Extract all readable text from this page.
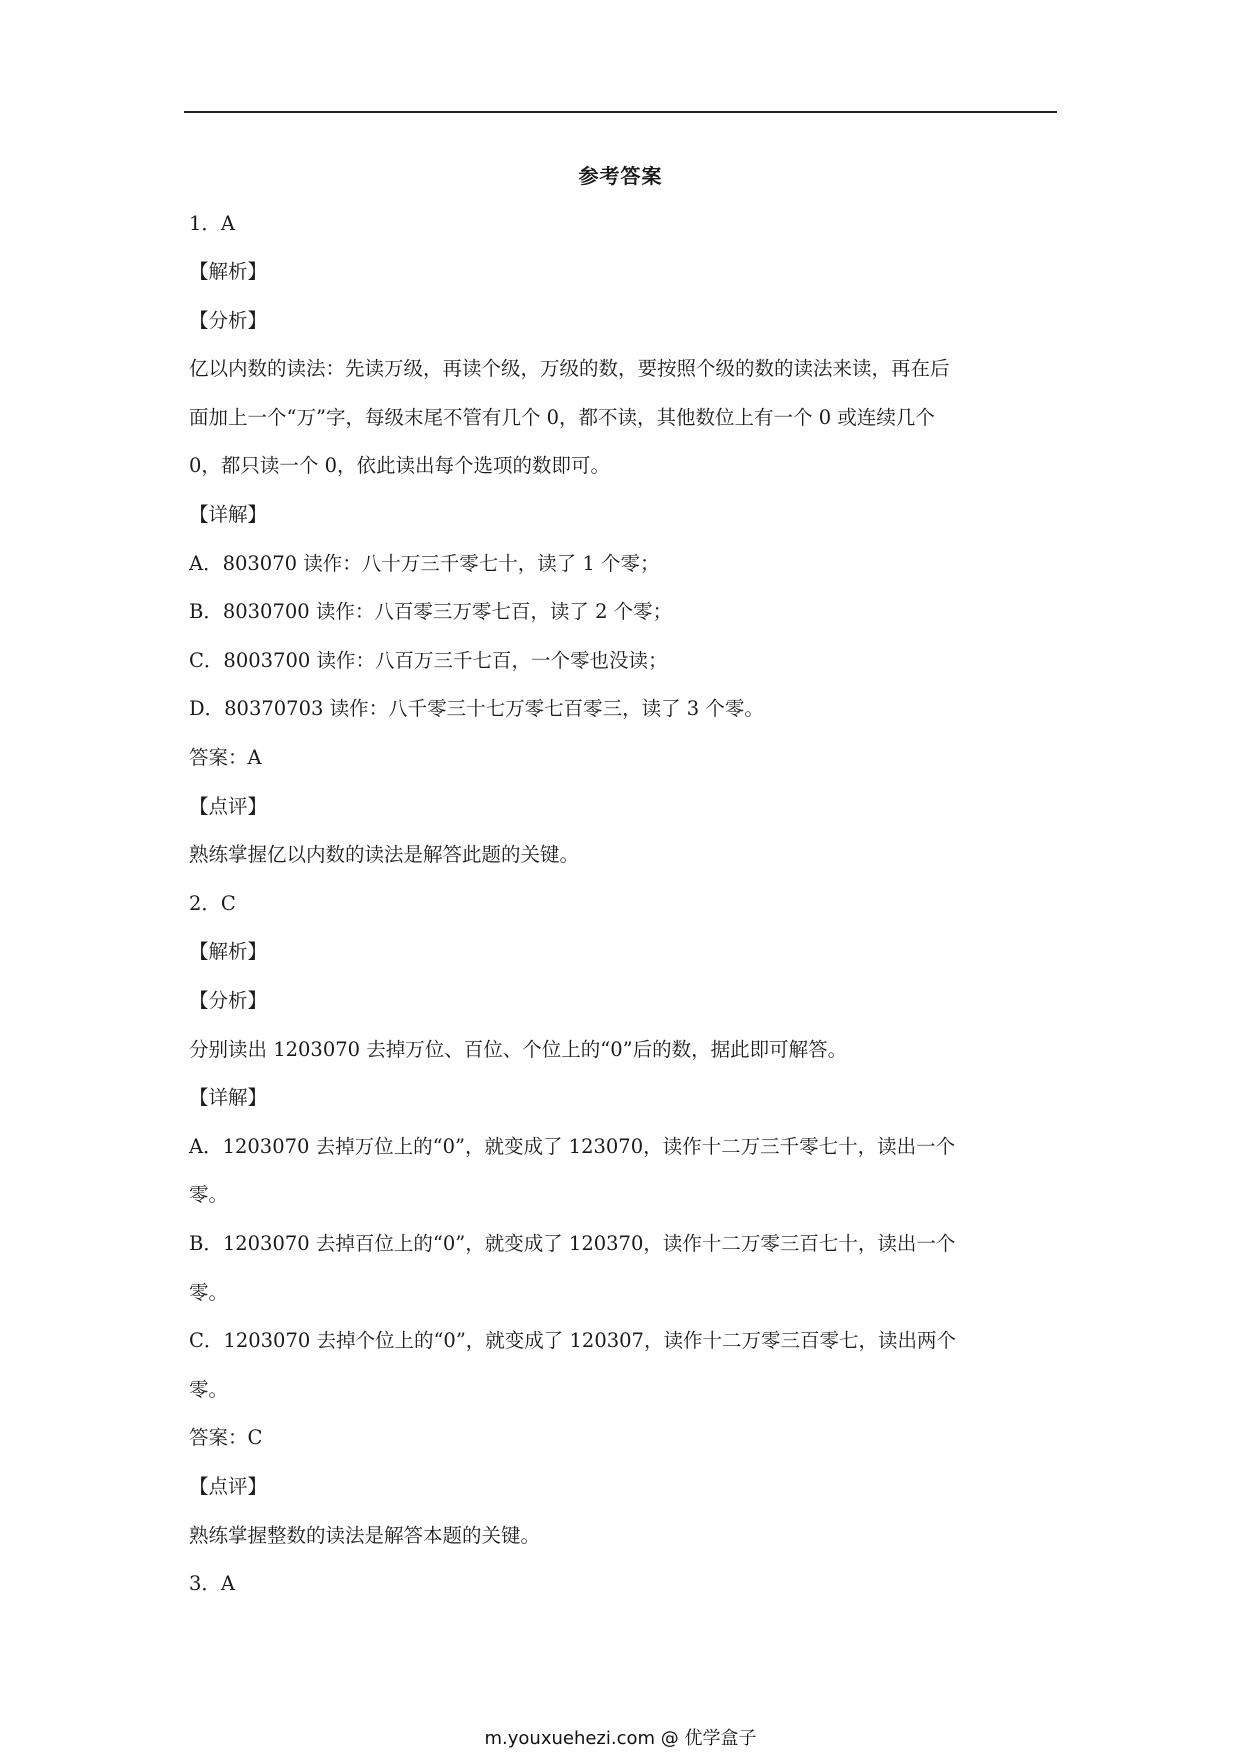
参考答案
1．A
【解析】
【分析】
亿以内数的读法：先读万级，再读个级，万级的数，要按照个级的数的读法来读，再在后
面加上一个“万”字，每级末尾不管有几个 0，都不读，其他数位上有一个 0 或连续几个
0，都只读一个 0，依此读出每个选项的数即可。
【详解】
A．803070 读作：八十万三千零七十，读了 1 个零；
B．8030700 读作：八百零三万零七百，读了 2 个零；
C．8003700 读作：八百万三千七百，一个零也没读；
D．80370703 读作：八千零三十七万零七百零三，读了 3 个零。
答案：A
【点评】
熟练掌握亿以内数的读法是解答此题的关键。
2．C
【解析】
【分析】
分别读出 1203070 去掉万位、百位、个位上的“0”后的数，据此即可解答。
【详解】
A．1203070 去掉万位上的“0”，就变成了 123070，读作十二万三千零七十，读出一个
零。
B．1203070 去掉百位上的“0”，就变成了 120370，读作十二万零三百七十，读出一个
零。
C．1203070 去掉个位上的“0”，就变成了 120307，读作十二万零三百零七，读出两个
零。
答案：C
【点评】
熟练掌握整数的读法是解答本题的关键。
3．A
m.youxuehezi.com @ 优学盒子
